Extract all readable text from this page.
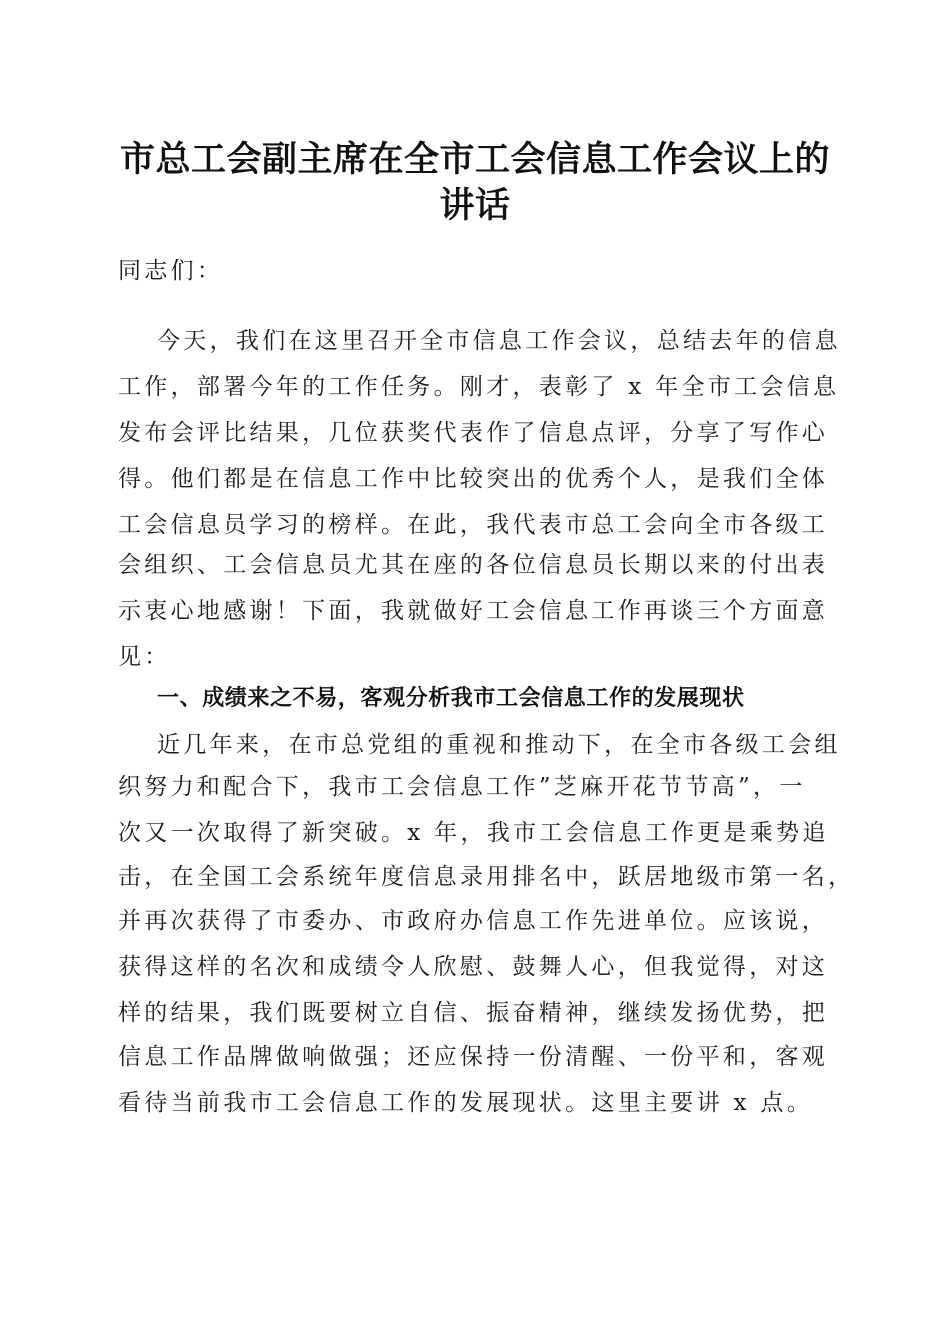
市总工会副主席在全市工会信息工作会议上的
讲话
同志们：
今天，我们在这里召开全市信息工作会议，总结去年的信息
工作，部署今年的工作任务。刚才，表彰了 x 年全市工会信息
发布会评比结果，几位获奖代表作了信息点评，分享了写作心
得。他们都是在信息工作中比较突出的优秀个人，是我们全体
工会信息员学习的榜样。在此，我代表市总工会向全市各级工
会组织、工会信息员尤其在座的各位信息员长期以来的付出表
示衷心地感谢！下面，我就做好工会信息工作再谈三个方面意
见：
一、成绩来之不易，客观分析我市工会信息工作的发展现状
近几年来，在市总党组的重视和推动下，在全市各级工会组
织努力和配合下，我市工会信息工作”芝麻开花节节高”，一
次又一次取得了新突破。x 年，我市工会信息工作更是乘势追
击，在全国工会系统年度信息录用排名中，跃居地级市第一名，
并再次获得了市委办、市政府办信息工作先进单位。应该说，
获得这样的名次和成绩令人欣慰、鼓舞人心，但我觉得，对这
样的结果，我们既要树立自信、振奋精神，继续发扬优势，把
信息工作品牌做响做强；还应保持一份清醒、一份平和，客观
看待当前我市工会信息工作的发展现状。这里主要讲 x 点。
